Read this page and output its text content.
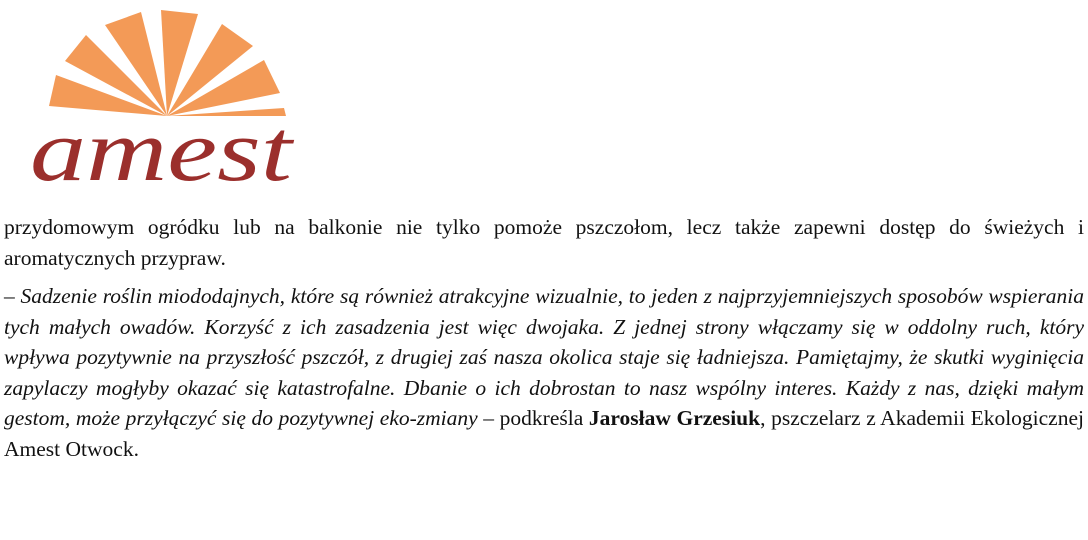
amest

przydomowym ogródku lub na balkonie nie tylko pomoże pszczołom, lecz także zapewni dostęp do świeżych i aromatycznych przypraw.

– Sadzenie roślin miododajnych, które są również atrakcyjne wizualnie, to jeden z najprzyjemniejszych sposobów wspierania tych małych owadów. Korzyść z ich zasadzenia jest więc dwojaka. Z jednej strony włączamy się w oddolny ruch, który wpływa pozytywnie na przyszłość pszczół, z drugiej zaś nasza okolica staje się ładniejsza. Pamiętajmy, że skutki wyginięcia zapylaczy mogłyby okazać się katastrofalne. Dbanie o ich dobrostan to nasz wspólny interes. Każdy z nas, dzięki małym gestom, może przyłączyć się do pozytywnej eko-zmiany – podkreśla Jarosław Grzesiuk, pszczelarz z Akademii Ekologicznej Amest Otwock.
